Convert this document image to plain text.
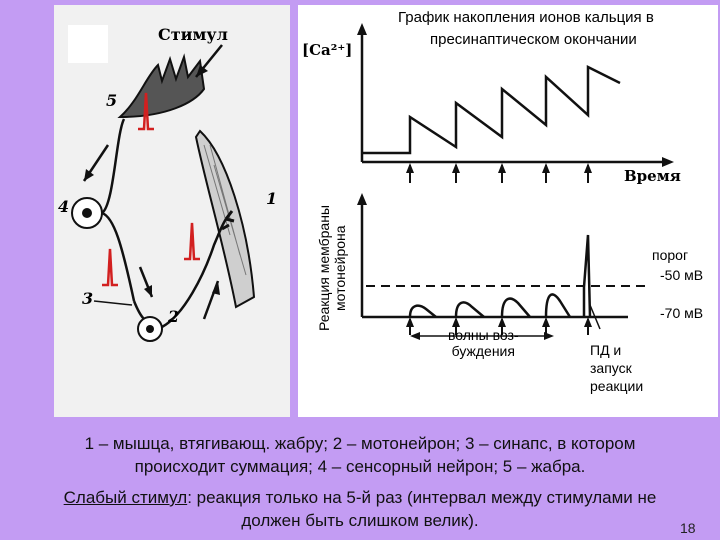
Стимул
5
4
3
2
1
График накопления ионов кальция в
пресинаптическом окончании
[Ca²⁺]
Время
Реакция мембраны мотонейрона	порог
-50 мВ
-70 мВ
волны воз-
буждения	ПД и
запуск
реакции
1 – мышца, втягивающ. жабру; 2 – мотонейрон; 3 – синапс, в котором происходит суммация; 4 – сенсорный нейрон; 5 – жабра.
Слабый стимул: реакция только на 5-й раз (интервал между стимулами не должен быть слишком велик).	18
